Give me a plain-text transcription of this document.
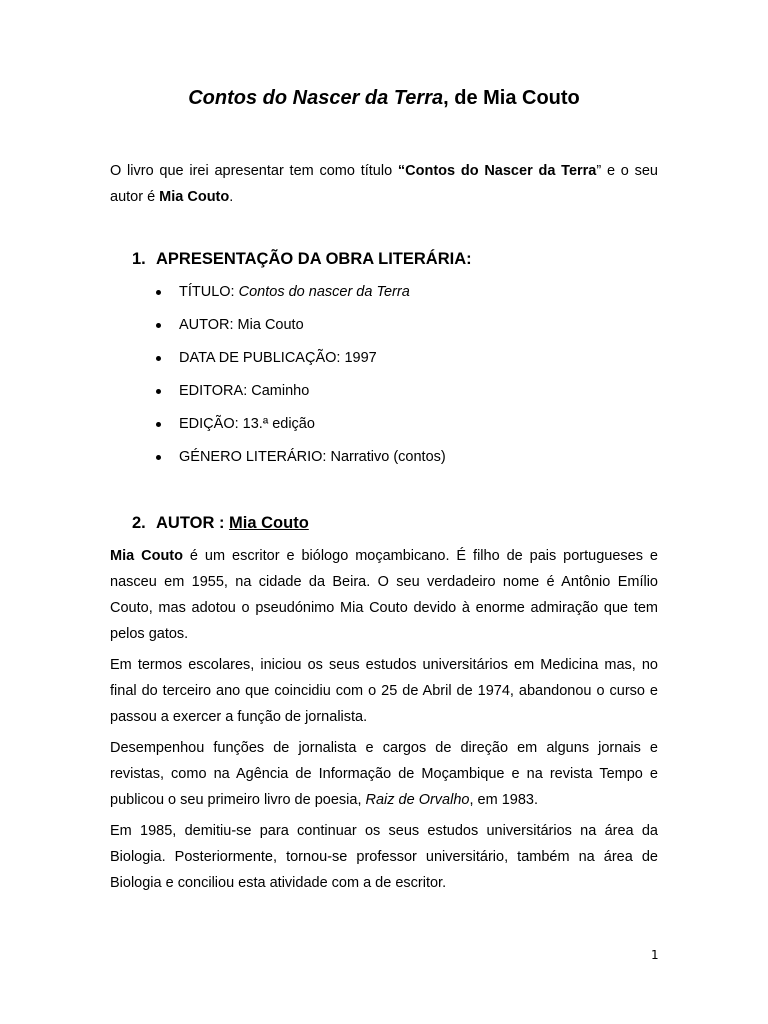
Contos do Nascer da Terra, de Mia Couto
O livro que irei apresentar tem como título “Contos do Nascer da Terra” e o seu autor é Mia Couto.
1. APRESENTAÇÃO DA OBRA LITERÁRIA:
TÍTULO: Contos do nascer da Terra
AUTOR: Mia Couto
DATA DE PUBLICAÇÃO: 1997
EDITORA: Caminho
EDIÇÃO: 13.ª edição
GÉNERO LITERÁRIO: Narrativo (contos)
2. AUTOR : Mia Couto

Mia Couto é um escritor e biólogo moçambicano. É filho de pais portugueses e nasceu em 1955, na cidade da Beira. O seu verdadeiro nome é Antônio Emílio Couto, mas adotou o pseudónimo Mia Couto devido à enorme admiração que tem pelos gatos.

Em termos escolares, iniciou os seus estudos universitários em Medicina mas, no final do terceiro ano que coincidiu com o 25 de Abril de 1974, abandonou o curso e passou a exercer a função de jornalista.

Desempenhou funções de jornalista e cargos de direção em alguns jornais e revistas, como na Agência de Informação de Moçambique e na revista Tempo e publicou o seu primeiro livro de poesia, Raiz de Orvalho, em 1983.

Em 1985, demitiu-se para continuar os seus estudos universitários na área da Biologia. Posteriormente, tornou-se professor universitário, também na área de Biologia e conciliou esta atividade com a de escritor.

1
